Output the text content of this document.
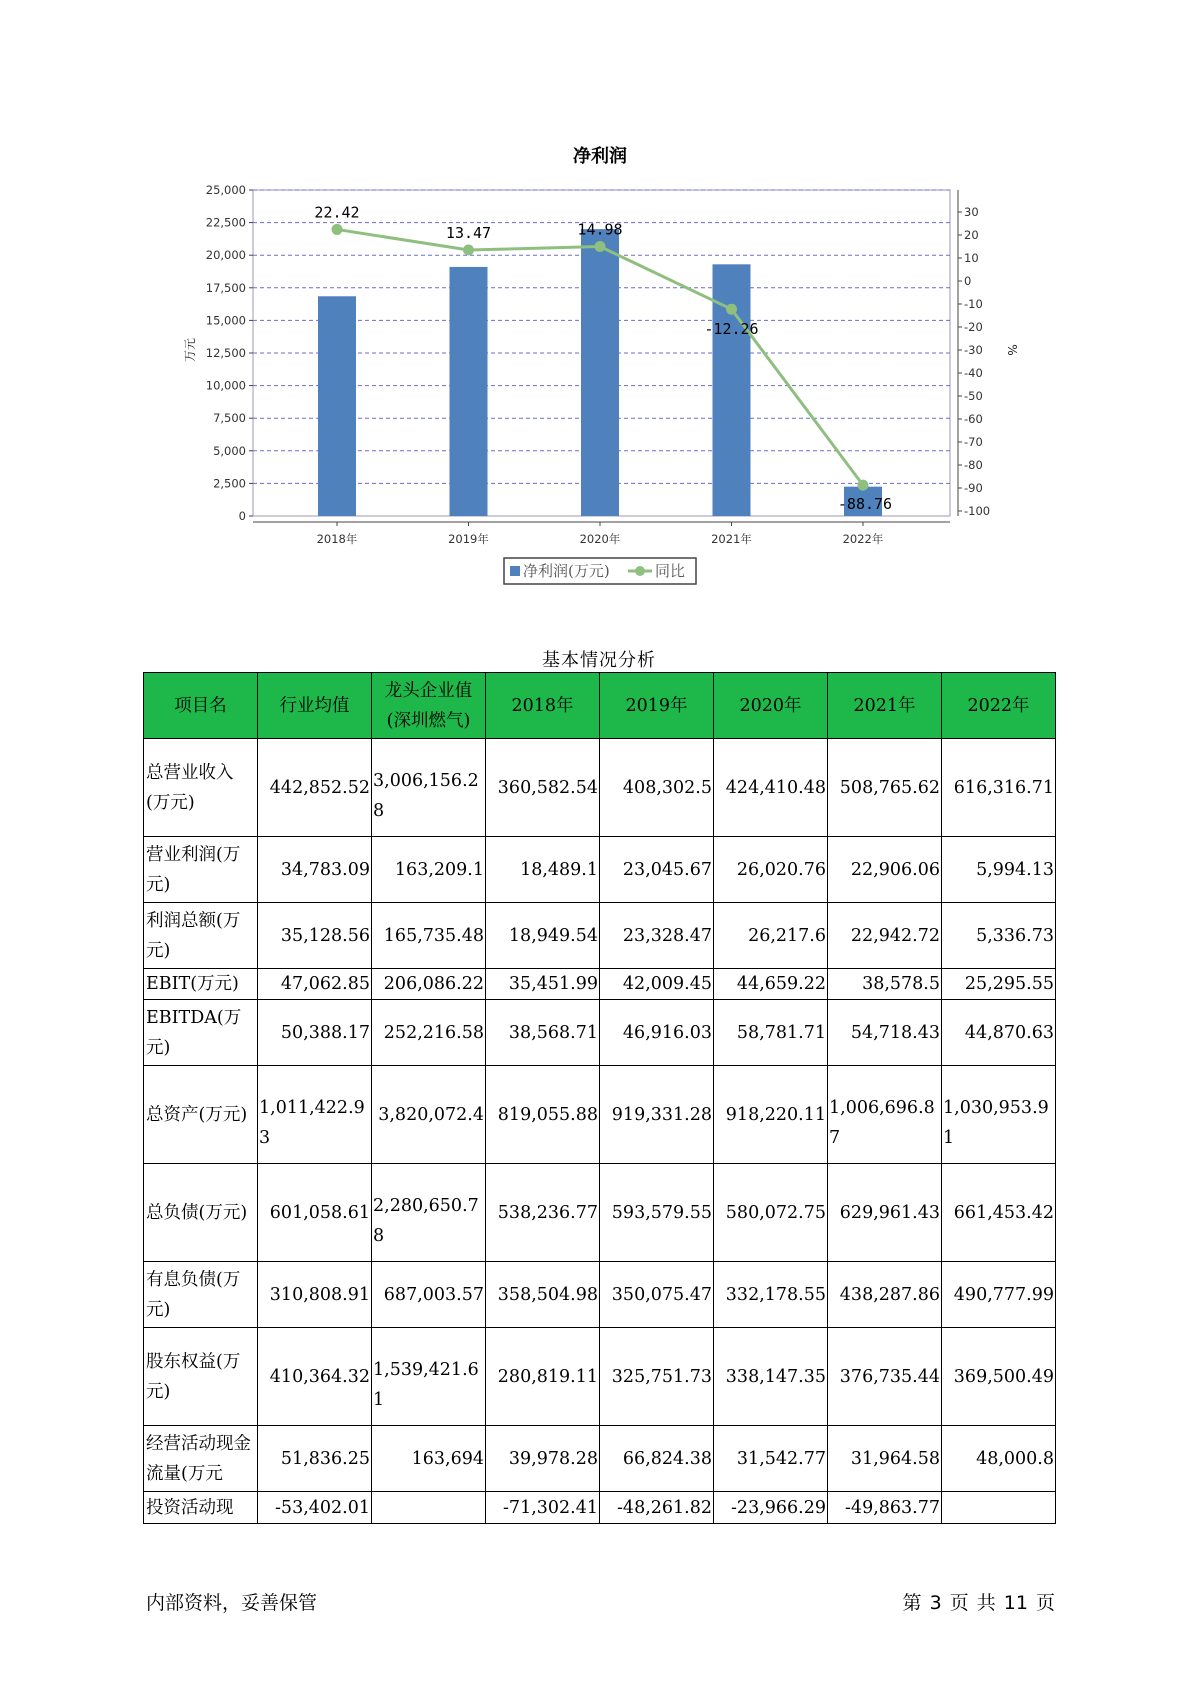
净利润
0
2,500
5,000
7,500
10,000
12,500
15,000
17,500
20,000
22,500
25,000
30
20
10
0
-10
-20
-30
-40
-50
-60
-70
-80
-90
-100
2018年	2019年	2020年	2021年	2022年
22.42
13.47	14.98
-12.26
-88.76
万元	%
净利润(万元)	同比
基本情况分析
项目名	行业均值	龙头企业值(深圳燃气)	2018年	2019年	2020年	2021年	2022年
总营业收入(万元)	442,852.52	3,006,156.28	360,582.54	408,302.5	424,410.48	508,765.62	616,316.71
营业利润(万元)	34,783.09	163,209.1	18,489.1	23,045.67	26,020.76	22,906.06	5,994.13
利润总额(万元)	35,128.56	165,735.48	18,949.54	23,328.47	26,217.6	22,942.72	5,336.73
EBIT(万元)	47,062.85	206,086.22	35,451.99	42,009.45	44,659.22	38,578.5	25,295.55
EBITDA(万元)	50,388.17	252,216.58	38,568.71	46,916.03	58,781.71	54,718.43	44,870.63
总资产(万元)	1,011,422.93	3,820,072.4	819,055.88	919,331.28	918,220.11	1,006,696.87	1,030,953.91
总负债(万元)	601,058.61	2,280,650.78	538,236.77	593,579.55	580,072.75	629,961.43	661,453.42
有息负债(万元)	310,808.91	687,003.57	358,504.98	350,075.47	332,178.55	438,287.86	490,777.99
股东权益(万元)	410,364.32	1,539,421.61	280,819.11	325,751.73	338,147.35	376,735.44	369,500.49
经营活动现金流量(万元	51,836.25	163,694	39,978.28	66,824.38	31,542.77	31,964.58	48,000.8
投资活动现	-53,402.01		-71,302.41	-48,261.82	-23,966.29	-49,863.77	
内部资料，妥善保管	第 3 页 共 11 页
